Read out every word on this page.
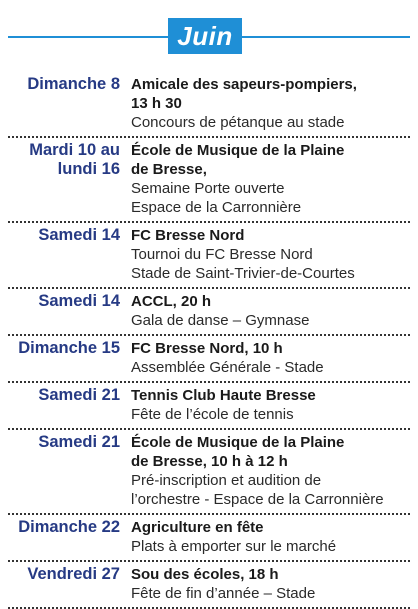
Juin
Dimanche 8 Amicale des sapeurs-pompiers,
13 h 30
Concours de pétanque au stade
Mardi 10 au
lundi 16
École de Musique de la Plaine
de Bresse,
Semaine Porte ouverte
Espace de la Carronnière
Samedi 14 FC Bresse Nord
Tournoi du FC Bresse Nord
Stade de Saint-Trivier-de-Courtes
Samedi 14 ACCL, 20 h
Gala de danse – Gymnase
Dimanche 15 FC Bresse Nord, 10 h
Assemblée Générale - Stade
Samedi 21 Tennis Club Haute Bresse
Fête de l’école de tennis
Samedi 21 École de Musique de la Plaine
de Bresse, 10 h à 12 h
Pré-inscription et audition de
l’orchestre - Espace de la Carronnière
Dimanche 22 Agriculture en fête
Plats à emporter sur le marché
Vendredi 27 Sou des écoles, 18 h
Fête de fin d’année – Stade
